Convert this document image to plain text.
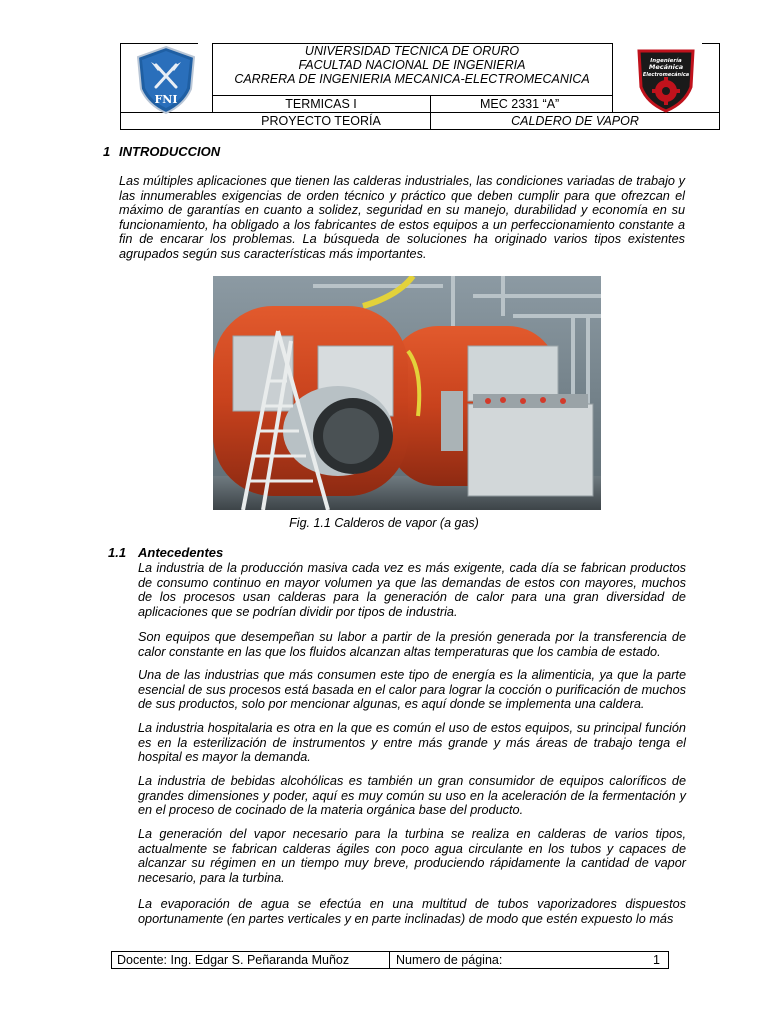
FNI
UNIVERSIDAD TECNICA DE ORURO
FACULTAD NACIONAL DE INGENIERIA
CARRERA DE INGENIERIA MECANICA-ELECTROMECANICA
TERMICAS I	MEC 2331 “A”
PROYECTO TEORÍA	CALDERO DE VAPOR
Ingeniería
Mecánica
Electromecánica
1 INTRODUCCION
Las múltiples aplicaciones que tienen las calderas industriales, las condiciones variadas de trabajo y las innumerables exigencias de orden técnico y práctico que deben cumplir para que ofrezcan el máximo de garantías en cuanto a solidez, seguridad en su manejo, durabilidad y economía en su funcionamiento, ha obligado a los fabricantes de estos equipos a un perfeccionamiento constante a fin de encarar los problemas. La búsqueda de soluciones ha originado varios tipos existentes agrupados según sus características más importantes.
Fig. 1.1 Calderos de vapor (a gas)
1.1 Antecedentes
La industria de la producción masiva cada vez es más exigente, cada día se fabrican productos de consumo continuo en mayor volumen ya que las demandas de estos con mayores, muchos de los procesos usan calderas para la generación de calor para una gran diversidad de aplicaciones que se podrían dividir por tipos de industria.
Son equipos que desempeñan su labor a partir de la presión generada por la transferencia de calor constante en las que los fluidos alcanzan altas temperaturas que los cambia de estado.
Una de las industrias que más consumen este tipo de energía es la alimenticia, ya que la parte esencial de sus procesos está basada en el calor para lograr la cocción o purificación de muchos de sus productos, solo por mencionar algunas, es aquí donde se implementa una caldera.
La industria hospitalaria es otra en la que es común el uso de estos equipos, su principal función es en la esterilización de instrumentos y entre más grande y más áreas de trabajo tenga el hospital es mayor la demanda.
La industria de bebidas alcohólicas es también un gran consumidor de equipos caloríficos de grandes dimensiones y poder, aquí es muy común su uso en la aceleración de la fermentación y en el proceso de cocinado de la materia orgánica base del producto.
La generación del vapor necesario para la turbina se realiza en calderas de varios tipos, actualmente se fabrican calderas ágiles con poco agua circulante en los tubos y capaces de alcanzar su régimen en un tiempo muy breve, produciendo rápidamente la cantidad de vapor necesario, para la turbina.
La evaporación de agua se efectúa en una multitud de tubos vaporizadores dispuestos oportunamente (en partes verticales y en parte inclinadas) de modo que estén expuesto lo más
Docente: Ing. Edgar S. Peñaranda Muñoz	Numero de página:	1
